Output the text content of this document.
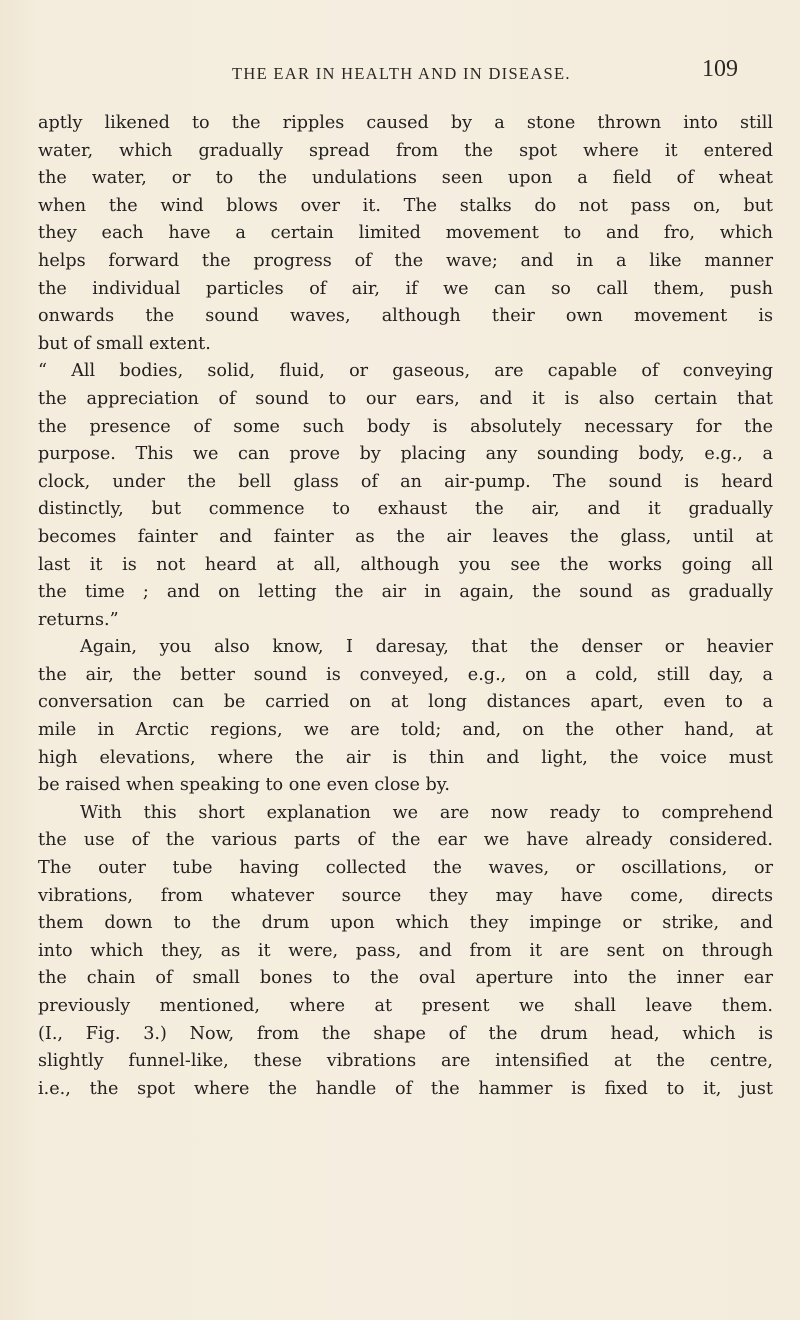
THE EAR IN HEALTH AND IN DISEASE.	109
aptly likened to the ripples caused by a stone thrown into still
water, which gradually spread from the spot where it entered
the water, or to the undulations seen upon a field of wheat
when the wind blows over it. The stalks do not pass on, but
they each have a certain limited movement to and fro, which
helps forward the progress of the wave; and in a like manner
the individual particles of air, if we can so call them, push
onwards the sound waves, although their own movement is
but of small extent.
“ All bodies, solid, fluid, or gaseous, are capable of conveying
the appreciation of sound to our ears, and it is also certain that
the presence of some such body is absolutely necessary for the
purpose. This we can prove by placing any sounding body, e.g., a
clock, under the bell glass of an air-pump. The sound is heard
distinctly, but commence to exhaust the air, and it gradually
becomes fainter and fainter as the air leaves the glass, until at
last it is not heard at all, although you see the works going all
the time ; and on letting the air in again, the sound as gradually
returns.”
Again, you also know, I daresay, that the denser or heavier
the air, the better sound is conveyed, e.g., on a cold, still day, a
conversation can be carried on at long distances apart, even to a
mile in Arctic regions, we are told; and, on the other hand, at
high elevations, where the air is thin and light, the voice must
be raised when speaking to one even close by.
With this short explanation we are now ready to comprehend
the use of the various parts of the ear we have already considered.
The outer tube having collected the waves, or oscillations, or
vibrations, from whatever source they may have come, directs
them down to the drum upon which they impinge or strike, and
into which they, as it were, pass, and from it are sent on through
the chain of small bones to the oval aperture into the inner ear
previously mentioned, where at present we shall leave them.
(I., Fig. 3.) Now, from the shape of the drum head, which is
slightly funnel-like, these vibrations are intensified at the centre,
i.e., the spot where the handle of the hammer is fixed to it, just
